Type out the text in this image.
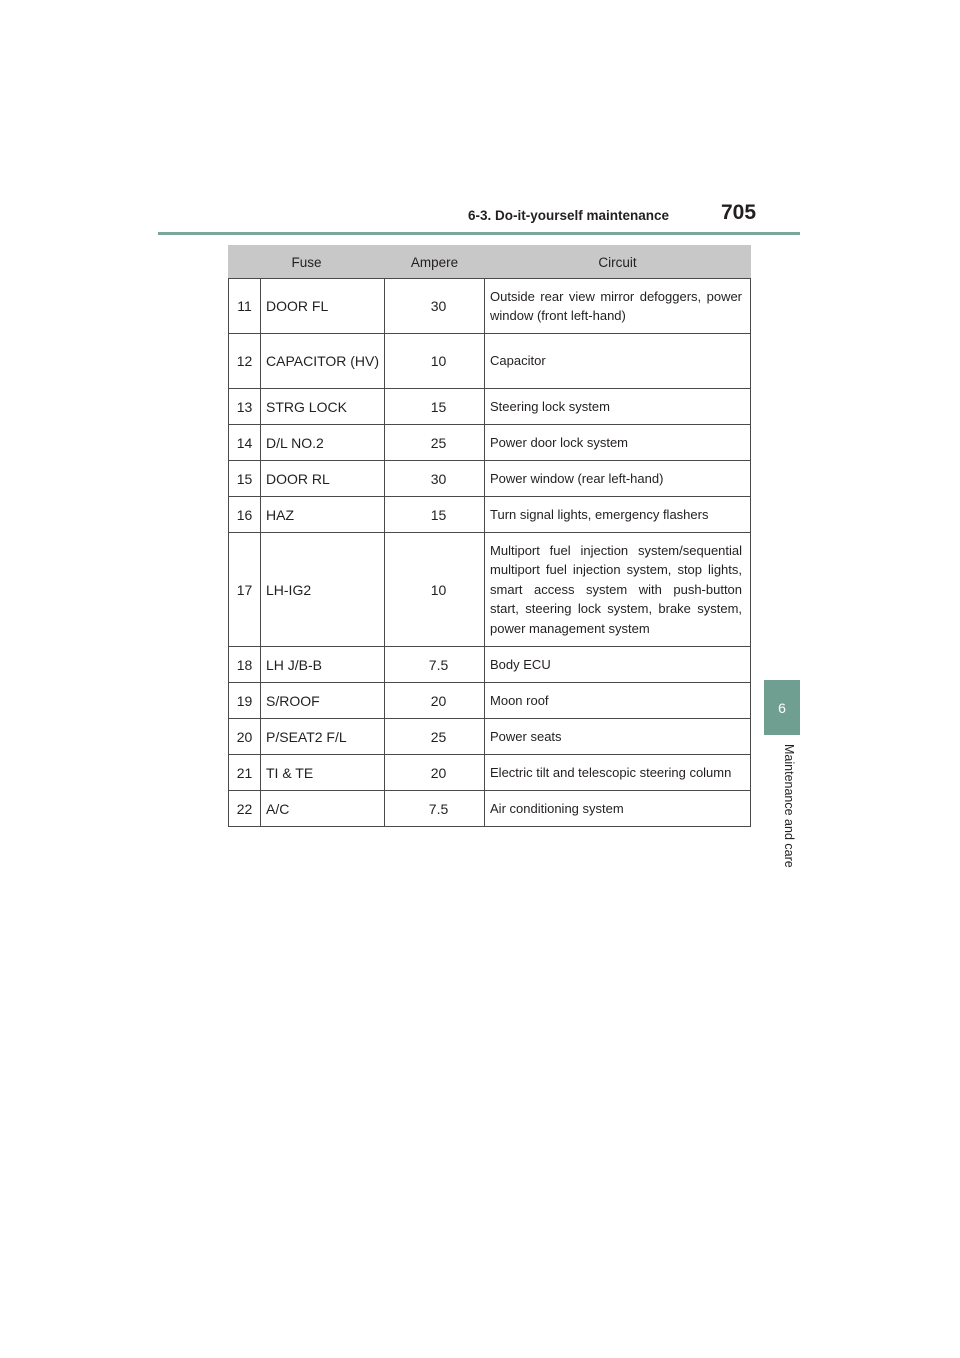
6-3. Do-it-yourself maintenance 705
6
Maintenance and care
Fuse		Ampere	Circuit
11	DOOR FL	30	Outside rear view mirror defoggers, power window (front left-hand)
12	CAPACITOR (HV)	10	Capacitor
13	STRG LOCK	15	Steering lock system
14	D/L NO.2	25	Power door lock system
15	DOOR RL	30	Power window (rear left-hand)
16	HAZ	15	Turn signal lights, emergency flashers
17	LH-IG2	10	Multiport fuel injection system/sequential multiport fuel injection system, stop lights, smart access system with push-button start, steering lock system, brake system, power management system
18	LH J/B-B	7.5	Body ECU
19	S/ROOF	20	Moon roof
20	P/SEAT2 F/L	25	Power seats
21	TI & TE	20	Electric tilt and telescopic steering column
22	A/C	7.5	Air conditioning system
